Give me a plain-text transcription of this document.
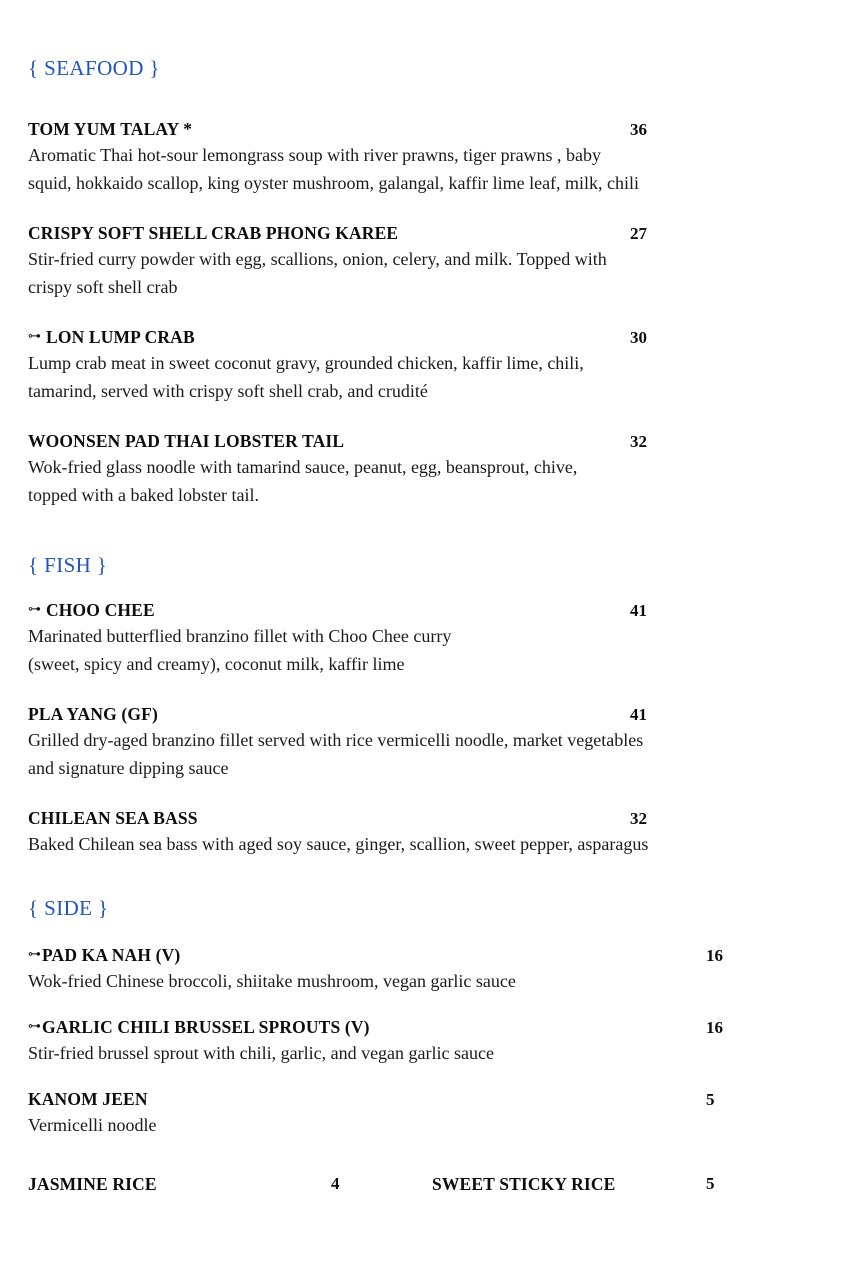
{ SEAFOOD }
TOM YUM TALAY *	36
Aromatic Thai hot-sour lemongrass soup with river prawns, tiger prawns , baby
squid, hokkaido scallop, king oyster mushroom, galangal, kaffir lime leaf, milk, chili
CRISPY SOFT SHELL CRAB PHONG KAREE	27
Stir-fried curry powder with egg, scallions, onion, celery, and milk. Topped with
crispy soft shell crab
⊶ LON LUMP CRAB	30
Lump crab meat in sweet coconut gravy, grounded chicken, kaffir lime, chili,
tamarind, served with crispy soft shell crab, and crudité
WOONSEN PAD THAI LOBSTER TAIL	32
Wok-fried glass noodle with tamarind sauce, peanut, egg, beansprout, chive,
topped with a baked lobster tail.
{ FISH }
⊶ CHOO CHEE	41
Marinated butterflied branzino fillet with Choo Chee curry
(sweet, spicy and creamy), coconut milk, kaffir lime
PLA YANG (GF)	41
Grilled dry-aged branzino fillet served with rice vermicelli noodle, market vegetables
and signature dipping sauce
CHILEAN SEA BASS	32
Baked Chilean sea bass with aged soy sauce, ginger, scallion, sweet pepper, asparagus
{ SIDE }
⊶PAD KA NAH (V)	16
Wok-fried Chinese broccoli, shiitake mushroom, vegan garlic sauce
⊶GARLIC CHILI BRUSSEL SPROUTS (V)	16
Stir-fried brussel sprout with chili, garlic, and vegan garlic sauce
KANOM JEEN	5
Vermicelli noodle
JASMINE RICE	4	SWEET STICKY RICE	5
